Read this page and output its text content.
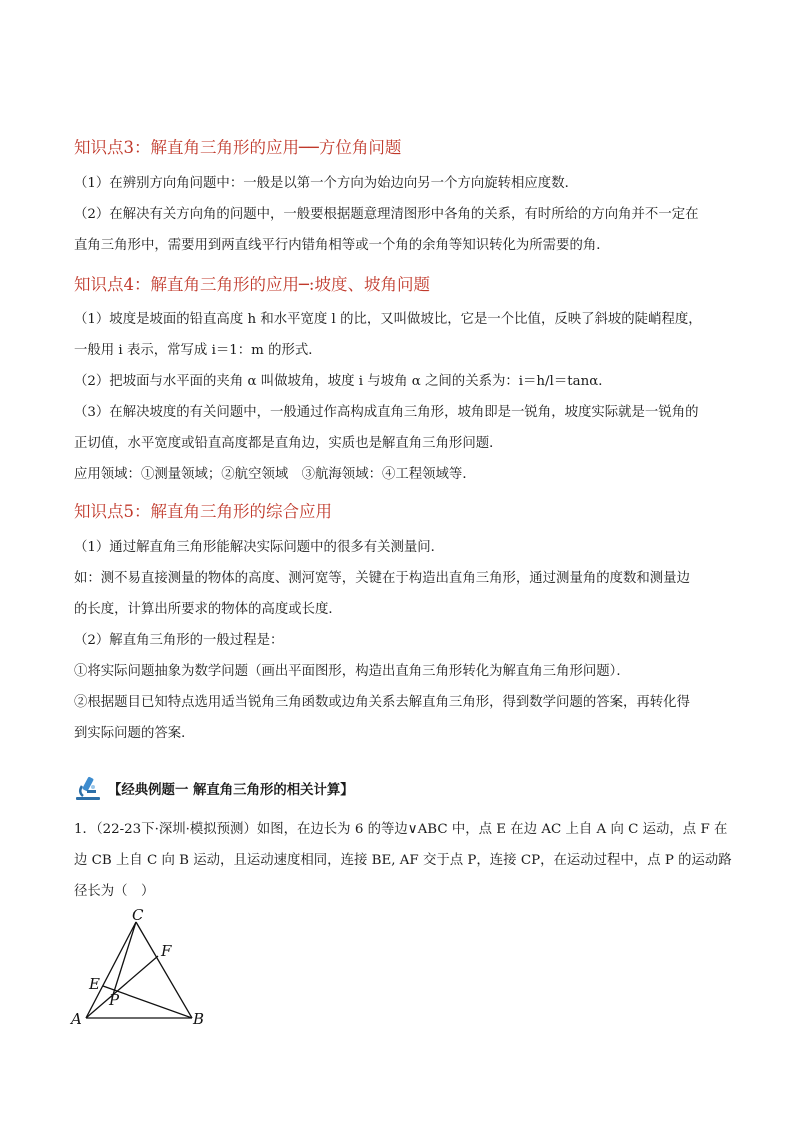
知识点3：解直角三角形的应用──方位角问题
（1）在辨别方向角问题中：一般是以第一个方向为始边向另一个方向旋转相应度数．
（2）在解决有关方向角的问题中，一般要根据题意理清图形中各角的关系，有时所给的方向角并不一定在
直角三角形中，需要用到两直线平行内错角相等或一个角的余角等知识转化为所需要的角．
知识点4：解直角三角形的应用─:坡度、坡角问题
（1）坡度是坡面的铅直高度 h 和水平宽度 l 的比，又叫做坡比，它是一个比值，反映了斜坡的陡峭程度，
一般用 i 表示，常写成 i＝1：m 的形式．
（2）把坡面与水平面的夹角 α 叫做坡角，坡度 i 与坡角 α 之间的关系为：i＝h/l＝tanα．
（3）在解决坡度的有关问题中，一般通过作高构成直角三角形，坡角即是一锐角，坡度实际就是一锐角的
正切值，水平宽度或铅直高度都是直角边，实质也是解直角三角形问题．
应用领域：①测量领域；②航空领域　③航海领域：④工程领域等．
知识点5：解直角三角形的综合应用
（1）通过解直角三角形能解决实际问题中的很多有关测量问．
如：测不易直接测量的物体的高度、测河宽等，关键在于构造出直角三角形，通过测量角的度数和测量边
的长度，计算出所要求的物体的高度或长度．
（2）解直角三角形的一般过程是：
①将实际问题抽象为数学问题（画出平面图形，构造出直角三角形转化为解直角三角形问题）．
②根据题目已知特点选用适当锐角三角函数或边角关系去解直角三角形，得到数学问题的答案，再转化得
到实际问题的答案．
【经典例题一 解直角三角形的相关计算】
1．（22-23下·深圳·模拟预测）如图，在边长为 6 的等边∨ABC 中，点 E 在边 AC 上自 A 向 C 运动，点 F 在
边 CB 上自 C 向 B 运动，且运动速度相同，连接 BE, AF 交于点 P，连接 CP，在运动过程中，点 P 的运动路
径长为（　）
C
F
E
P
A	B
